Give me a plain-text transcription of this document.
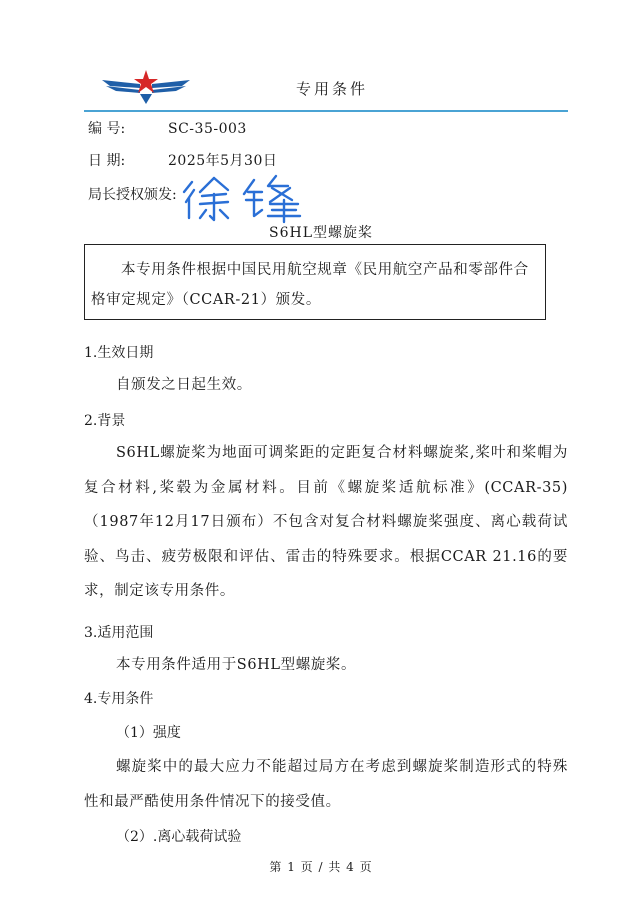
专用条件
编 号:	SC-35-003
日 期:	2025年5月30日
局长授权颁发:
S6HL型螺旋桨
本专用条件根据中国民用航空规章《民用航空产品和零部件合格审定规定》（CCAR-21）颁发。
1.生效日期
自颁发之日起生效。
2.背景
S6HL螺旋桨为地面可调桨距的定距复合材料螺旋桨,桨叶和桨帽为复合材料,桨毂为金属材料。目前《螺旋桨适航标准》(CCAR-35)（1987年12月17日颁布）不包含对复合材料螺旋桨强度、离心载荷试验、鸟击、疲劳极限和评估、雷击的特殊要求。根据CCAR 21.16的要求，制定该专用条件。
3.适用范围
本专用条件适用于S6HL型螺旋桨。
4.专用条件
（1）强度
螺旋桨中的最大应力不能超过局方在考虑到螺旋桨制造形式的特殊性和最严酷使用条件情况下的接受值。
（2）.离心载荷试验
第 1 页 / 共 4 页
